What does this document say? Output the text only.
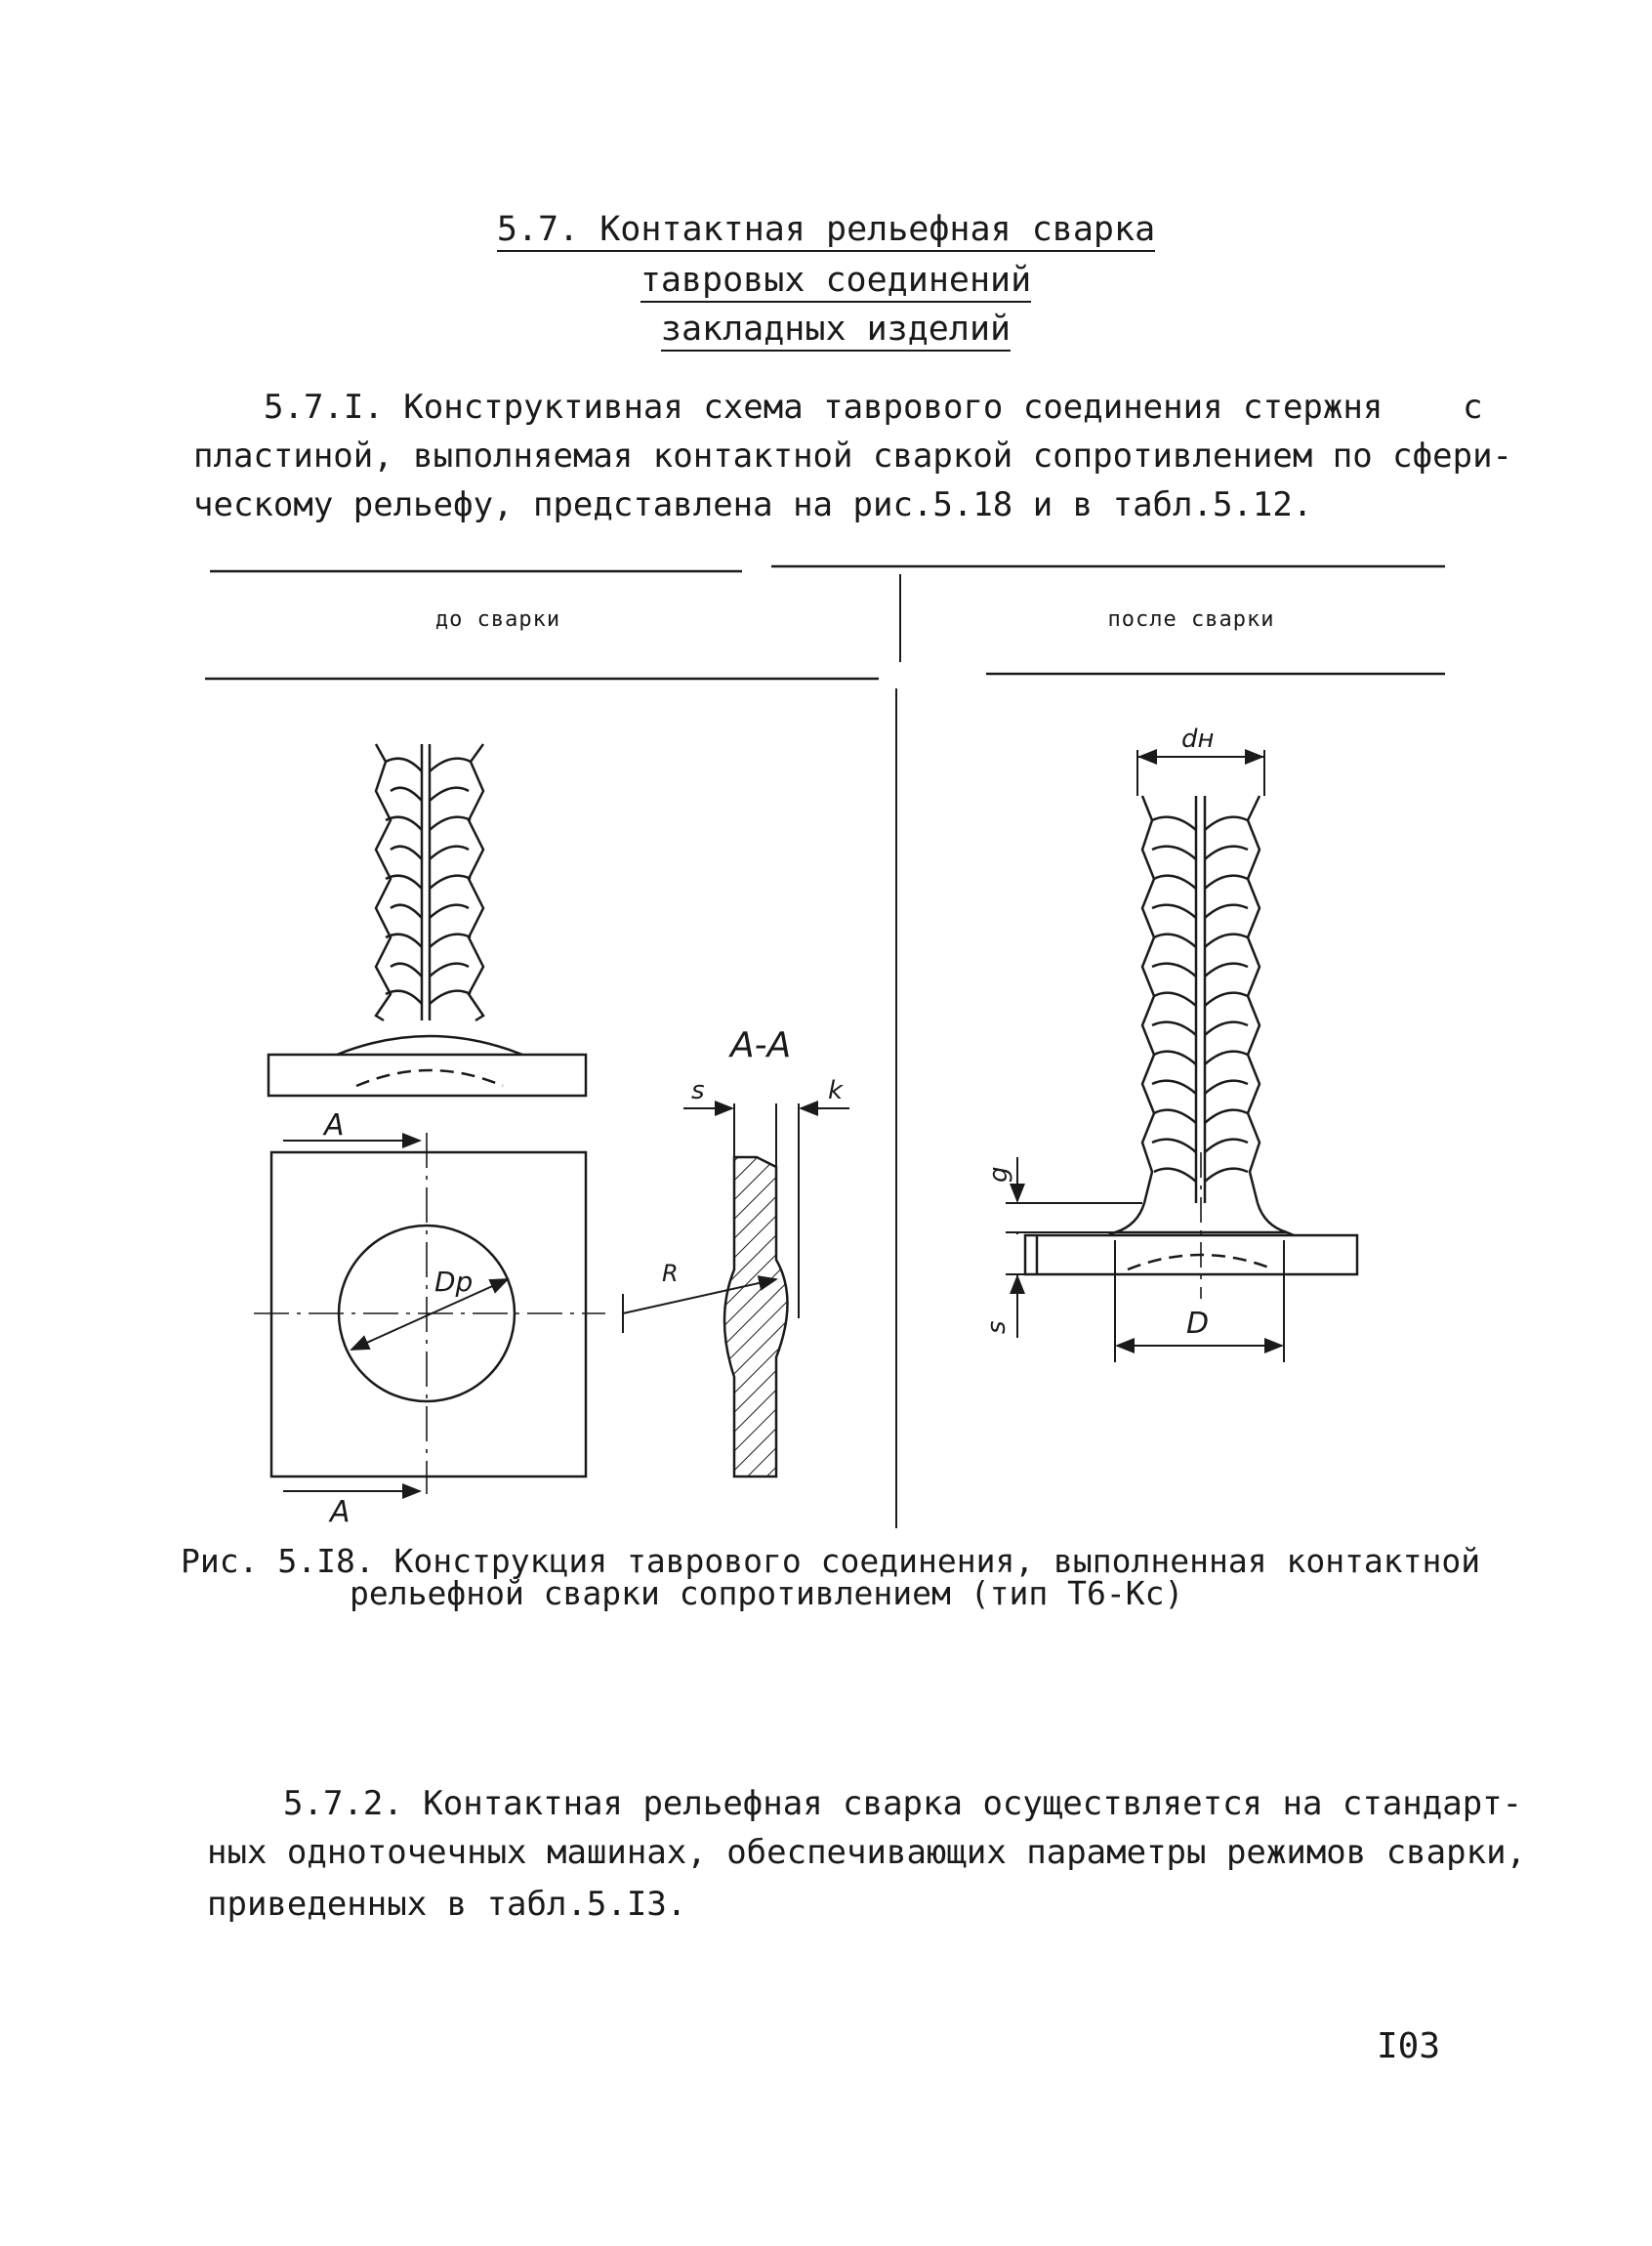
5.7. Контактная рельефная сварка
тавровых соединений
закладных изделий
5.7.I. Конструктивная схема таврового соединения стержня    с
пластиной, выполняемая контактной сваркой сопротивлением по сфери-
ческому рельефу, представлена на рис.5.18 и в табл.5.12.
до сварки	после сварки
А-А
А
А
Dр	R
s	k
dн
g
s	D
Рис. 5.I8. Конструкция таврового соединения, выполненная контактной
рельефной сварки сопротивлением (тип Т6-Кс)
5.7.2. Контактная рельефная сварка осуществляется на стандарт-
ных одноточечных машинах, обеспечивающих параметры режимов сварки,
приведенных в табл.5.I3.
I03
